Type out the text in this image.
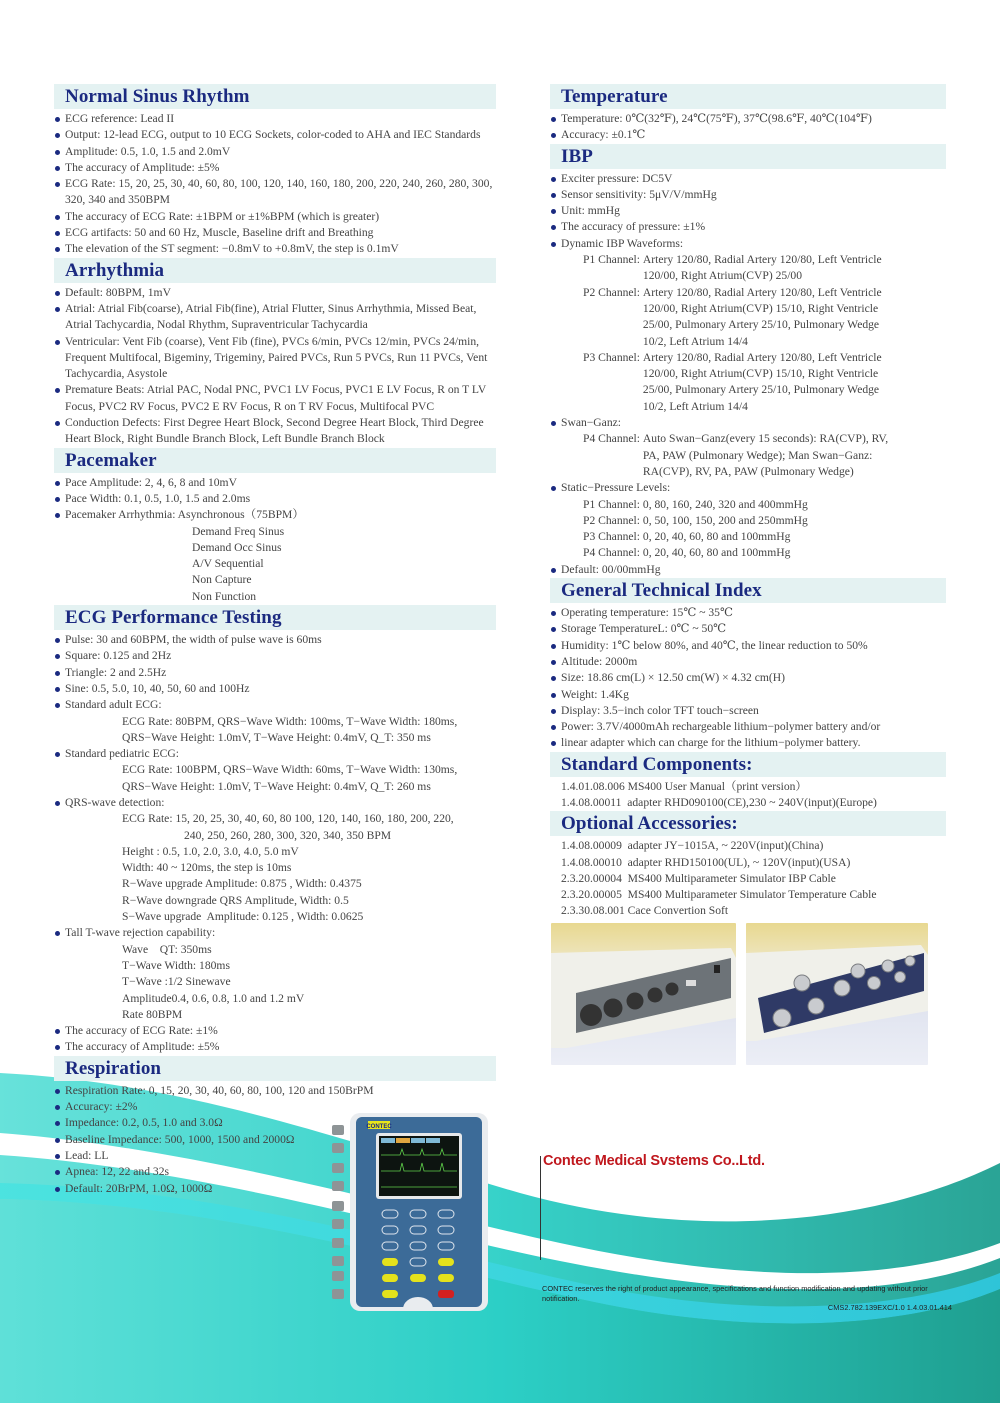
Normal Sinus Rhythm
ECG reference: Lead II
Output: 12-lead ECG, output to 10 ECG Sockets, color-coded to AHA and IEC Standards
Amplitude: 0.5, 1.0, 1.5 and 2.0mV
The accuracy of Amplitude: ±5%
ECG Rate: 15, 20, 25, 30, 40, 60, 80, 100, 120, 140, 160, 180, 200, 220, 240, 260, 280, 300, 320, 340 and 350BPM
The accuracy of ECG Rate: ±1BPM or ±1%BPM (which is greater)
ECG artifacts: 50 and 60 Hz, Muscle, Baseline drift and Breathing
The elevation of the ST segment: −0.8mV to +0.8mV, the step is 0.1mV
Arrhythmia
Default: 80BPM, 1mV
Atrial: Atrial Fib(coarse), Atrial Fib(fine), Atrial Flutter, Sinus Arrhythmia, Missed Beat, Atrial Tachycardia, Nodal Rhythm, Supraventricular Tachycardia
Ventricular: Vent Fib (coarse), Vent Fib (fine), PVCs 6/min, PVCs 12/min, PVCs 24/min, Frequent Multifocal, Bigeminy, Trigeminy, Paired PVCs, Run 5 PVCs, Run 11 PVCs, Vent Tachycardia, Asystole
Premature Beats: Atrial PAC, Nodal PNC, PVC1 LV Focus, PVC1 E LV Focus, R on T LV Focus, PVC2 RV Focus, PVC2 E RV Focus, R on T RV Focus, Multifocal PVC
Conduction Defects: First Degree Heart Block, Second Degree Heart Block, Third Degree Heart Block, Right Bundle Branch Block, Left Bundle Branch Block
Pacemaker
Pace Amplitude: 2, 4, 6, 8 and 10mV
Pace Width: 0.1, 0.5, 1.0, 1.5 and 2.0ms
Pacemaker Arrhythmia: Asynchronous（75BPM）
Demand Freq Sinus
Demand Occ Sinus
A/V Sequential
Non Capture
Non Function
ECG Performance Testing
Pulse: 30 and 60BPM, the width of pulse wave is 60ms
Square: 0.125 and 2Hz
Triangle: 2 and 2.5Hz
Sine: 0.5, 5.0, 10, 40, 50, 60 and 100Hz
Standard adult ECG:
ECG Rate: 80BPM, QRS−Wave Width: 100ms, T−Wave Width: 180ms,
QRS−Wave Height: 1.0mV, T−Wave Height: 0.4mV, Q_T: 350 ms
Standard pediatric ECG:
ECG Rate: 100BPM, QRS−Wave Width: 60ms, T−Wave Width: 130ms,
QRS−Wave Height: 1.0mV, T−Wave Height: 0.4mV, Q_T: 260 ms
QRS-wave detection:
ECG Rate: 15, 20, 25, 30, 40, 60, 80 100, 120, 140, 160, 180, 200, 220,
240, 250, 260, 280, 300, 320, 340, 350 BPM
Height : 0.5, 1.0, 2.0, 3.0, 4.0, 5.0 mV
Width: 40 ~ 120ms, the step is 10ms
R−Wave upgrade Amplitude: 0.875 , Width: 0.4375
R−Wave downgrade QRS Amplitude, Width: 0.5
S−Wave upgrade  Amplitude: 0.125 , Width: 0.0625
Tall T-wave rejection capability:
Wave    QT: 350ms
T−Wave Width: 180ms
T−Wave :1/2 Sinewave
Amplitude0.4, 0.6, 0.8, 1.0 and 1.2 mV
Rate 80BPM
The accuracy of ECG Rate: ±1%
The accuracy of Amplitude: ±5%
Respiration
Respiration Rate: 0, 15, 20, 30, 40, 60, 80, 100, 120 and 150BrPM
Accuracy: ±2%
Impedance: 0.2, 0.5, 1.0 and 3.0Ω
Baseline Impedance: 500, 1000, 1500 and 2000Ω
Lead: LL
Apnea: 12, 22 and 32s
Default: 20BrPM, 1.0Ω, 1000Ω
Temperature
Temperature: 0℃(32℉), 24℃(75℉), 37℃(98.6℉, 40℃(104℉)
Accuracy: ±0.1℃
IBP
Exciter pressure: DC5V
Sensor sensitivity: 5μV/V/mmHg
Unit: mmHg
The accuracy of pressure: ±1%
Dynamic IBP Waveforms:
P1 Channel: Artery 120/80, Radial Artery 120/80, Left Ventricle
120/00, Right Atrium(CVP) 25/00
P2 Channel: Artery 120/80, Radial Artery 120/80, Left Ventricle
120/00, Right Atrium(CVP) 15/10, Right Ventricle
25/00, Pulmonary Artery 25/10, Pulmonary Wedge
10/2, Left Atrium 14/4
P3 Channel: Artery 120/80, Radial Artery 120/80, Left Ventricle
120/00, Right Atrium(CVP) 15/10, Right Ventricle
25/00, Pulmonary Artery 25/10, Pulmonary Wedge
10/2, Left Atrium 14/4
Swan−Ganz:
P4 Channel: Auto Swan−Ganz(every 15 seconds): RA(CVP), RV,
PA, PAW (Pulmonary Wedge); Man Swan−Ganz:
RA(CVP), RV, PA, PAW (Pulmonary Wedge)
Static−Pressure Levels:
P1 Channel: 0, 80, 160, 240, 320 and 400mmHg
P2 Channel: 0, 50, 100, 150, 200 and 250mmHg
P3 Channel: 0, 20, 40, 60, 80 and 100mmHg
P4 Channel: 0, 20, 40, 60, 80 and 100mmHg
Default: 00/00mmHg
General Technical Index
Operating temperature: 15℃ ~ 35℃
Storage TemperatureL: 0℃ ~ 50℃
Humidity: 1℃ below 80%, and 40℃, the linear reduction to 50%
Altitude: 2000m
Size: 18.86 cm(L) × 12.50 cm(W) × 4.32 cm(H)
Weight: 1.4Kg
Display: 3.5−inch color TFT touch−screen
Power: 3.7V/4000mAh rechargeable lithium−polymer battery and/or
linear adapter which can charge for the lithium−polymer battery.
Standard Components:
1.4.01.08.006 MS400 User Manual（print version）
1.4.08.00011  adapter RHD090100(CE),230 ~ 240V(input)(Europe)
Optional Accessories:
1.4.08.00009  adapter JY−1015A, ~ 220V(input)(China)
1.4.08.00010  adapter RHD150100(UL), ~ 120V(input)(USA)
2.3.20.00004  MS400 Multiparameter Simulator IBP Cable
2.3.20.00005  MS400 Multiparameter Simulator Temperature Cable
2.3.30.08.001 Cace Convertion Soft
CONTEC
Contec Medical Svstems Co..Ltd.
CONTEC reserves the right of product appearance, specifications and function modification and updating without prior notification.
CMS2.782.139EXC/1.0 1.4.03.01.414
